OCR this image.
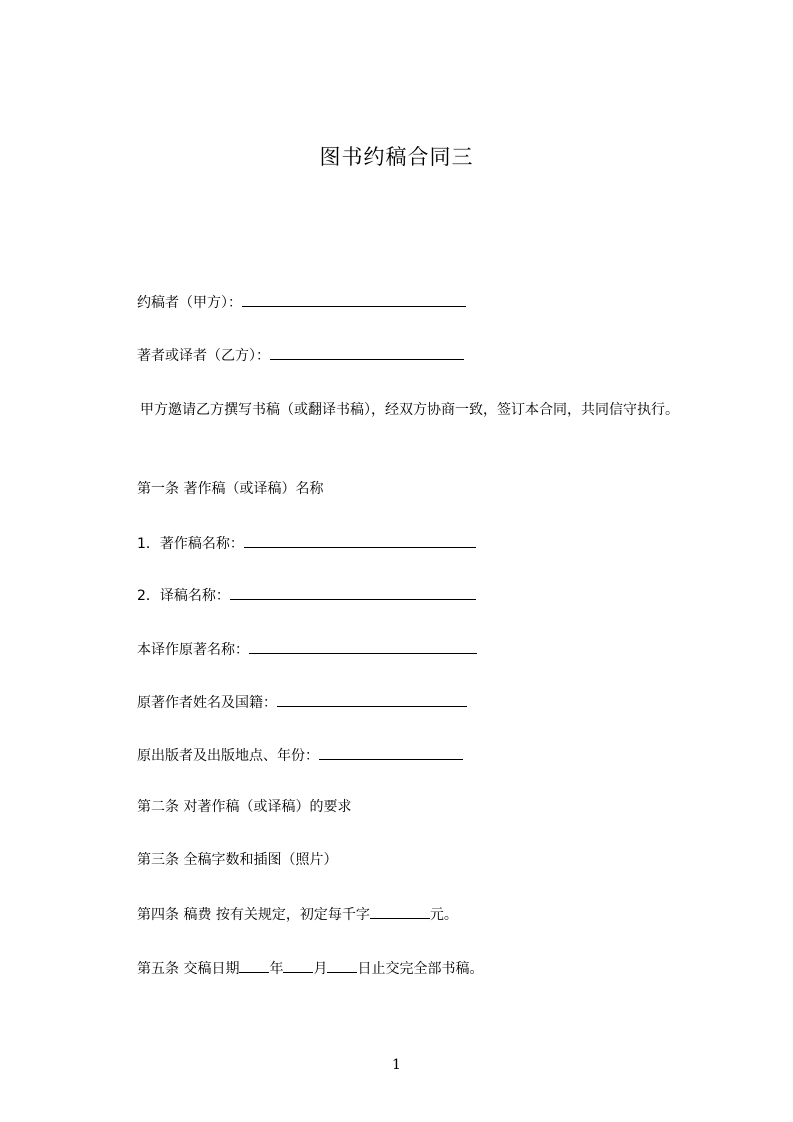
图书约稿合同三
约稿者（甲方）：
著者或译者（乙方）：
甲方邀请乙方撰写书稿（或翻译书稿），经双方协商一致，签订本合同，共同信守执行。
第一条 著作稿（或译稿）名称
1．著作稿名称：
2．译稿名称：
本译作原著名称：
原著作者姓名及国籍：
原出版者及出版地点、年份：
第二条 对著作稿（或译稿）的要求
第三条 全稿字数和插图（照片）
第四条 稿费 按有关规定，初定每千字	元。
第五条 交稿日期 年 月 日止交完全部书稿。
1
